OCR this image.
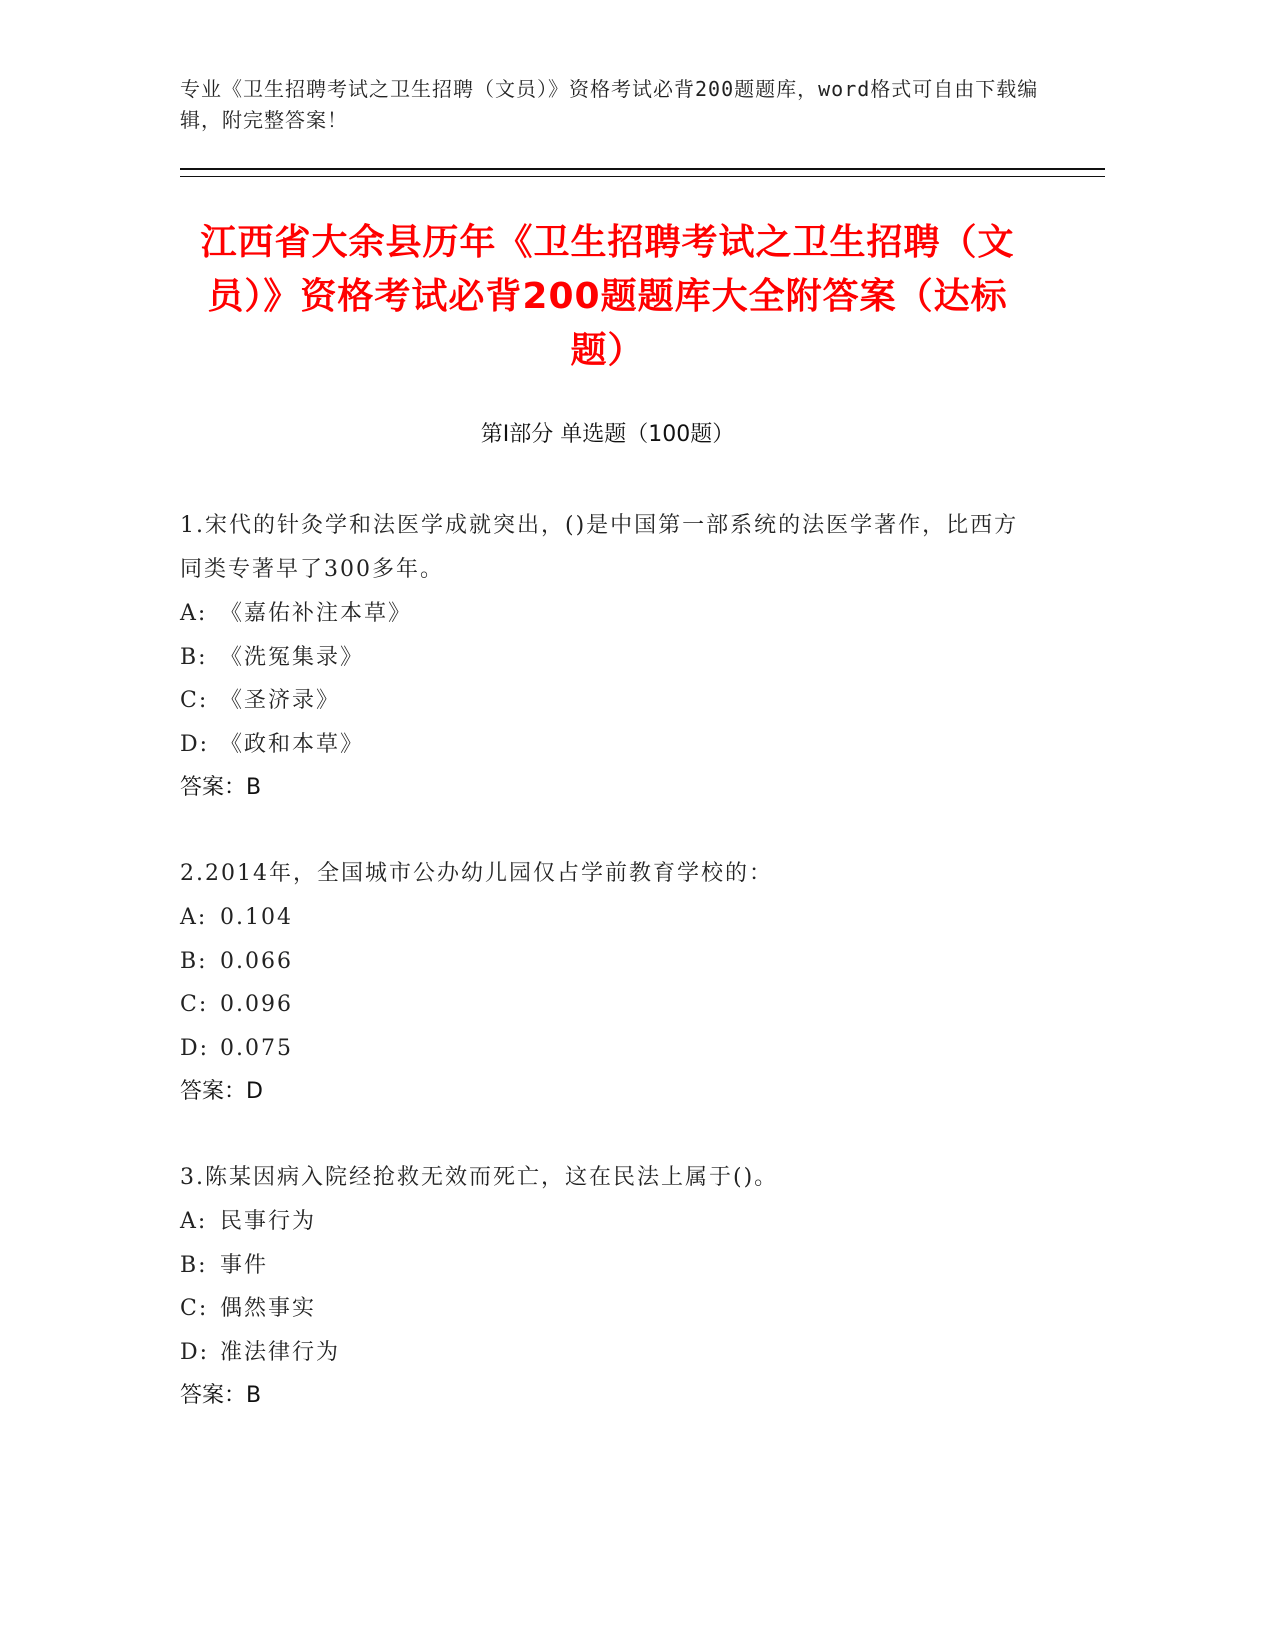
专业《卫生招聘考试之卫生招聘（文员）》资格考试必背200题题库，word格式可自由下载编辑，附完整答案！
江西省大余县历年《卫生招聘考试之卫生招聘（文员）》资格考试必背200题题库大全附答案（达标题）
第I部分 单选题（100题）
1.宋代的针灸学和法医学成就突出，()是中国第一部系统的法医学著作，比西方同类专著早了300多年。
A: 《嘉佑补注本草》
B: 《洗冤集录》
C: 《圣济录》
D: 《政和本草》
答案：B
2.2014年，全国城市公办幼儿园仅占学前教育学校的：
A: 0.104
B: 0.066
C: 0.096
D: 0.075
答案：D
3.陈某因病入院经抢救无效而死亡，这在民法上属于()。
A: 民事行为
B: 事件
C: 偶然事实
D: 准法律行为
答案：B
